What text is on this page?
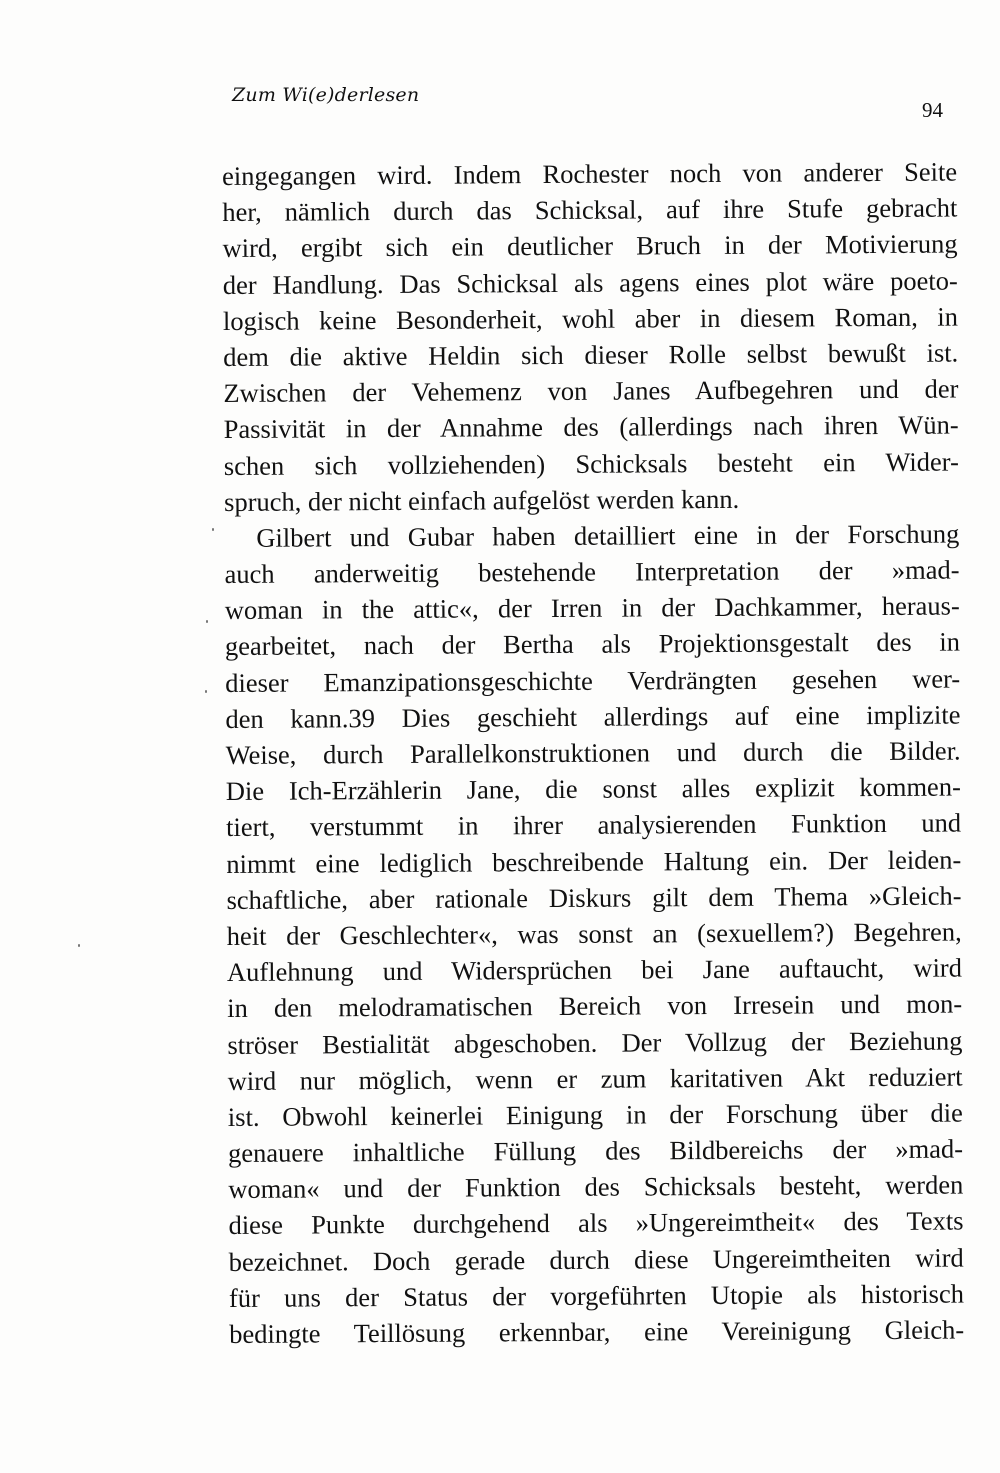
Zum Wi(e)derlesen
94
eingegangen wird. Indem Rochester noch von anderer Seite
her, nämlich durch das Schicksal, auf ihre Stufe gebracht
wird, ergibt sich ein deutlicher Bruch in der Motivierung
der Handlung. Das Schicksal als agens eines plot wäre poeto-
logisch keine Besonderheit, wohl aber in diesem Roman, in
dem die aktive Heldin sich dieser Rolle selbst bewußt ist.
Zwischen der Vehemenz von Janes Aufbegehren und der
Passivität in der Annahme des (allerdings nach ihren Wün-
schen sich vollziehenden) Schicksals besteht ein Wider-
spruch, der nicht einfach aufgelöst werden kann.
Gilbert und Gubar haben detailliert eine in der Forschung
auch anderweitig bestehende Interpretation der »mad-
woman in the attic«, der Irren in der Dachkammer, heraus-
gearbeitet, nach der Bertha als Projektionsgestalt des in
dieser Emanzipationsgeschichte Verdrängten gesehen wer-
den kann.39 Dies geschieht allerdings auf eine implizite
Weise, durch Parallelkonstruktionen und durch die Bilder.
Die Ich-Erzählerin Jane, die sonst alles explizit kommen-
tiert, verstummt in ihrer analysierenden Funktion und
nimmt eine lediglich beschreibende Haltung ein. Der leiden-
schaftliche, aber rationale Diskurs gilt dem Thema »Gleich-
heit der Geschlechter«, was sonst an (sexuellem?) Begehren,
Auflehnung und Widersprüchen bei Jane auftaucht, wird
in den melodramatischen Bereich von Irresein und mon-
ströser Bestialität abgeschoben. Der Vollzug der Beziehung
wird nur möglich, wenn er zum karitativen Akt reduziert
ist. Obwohl keinerlei Einigung in der Forschung über die
genauere inhaltliche Füllung des Bildbereichs der »mad-
woman« und der Funktion des Schicksals besteht, werden
diese Punkte durchgehend als »Ungereimtheit« des Texts
bezeichnet. Doch gerade durch diese Ungereimtheiten wird
für uns der Status der vorgeführten Utopie als historisch
bedingte Teillösung erkennbar, eine Vereinigung Gleich-
